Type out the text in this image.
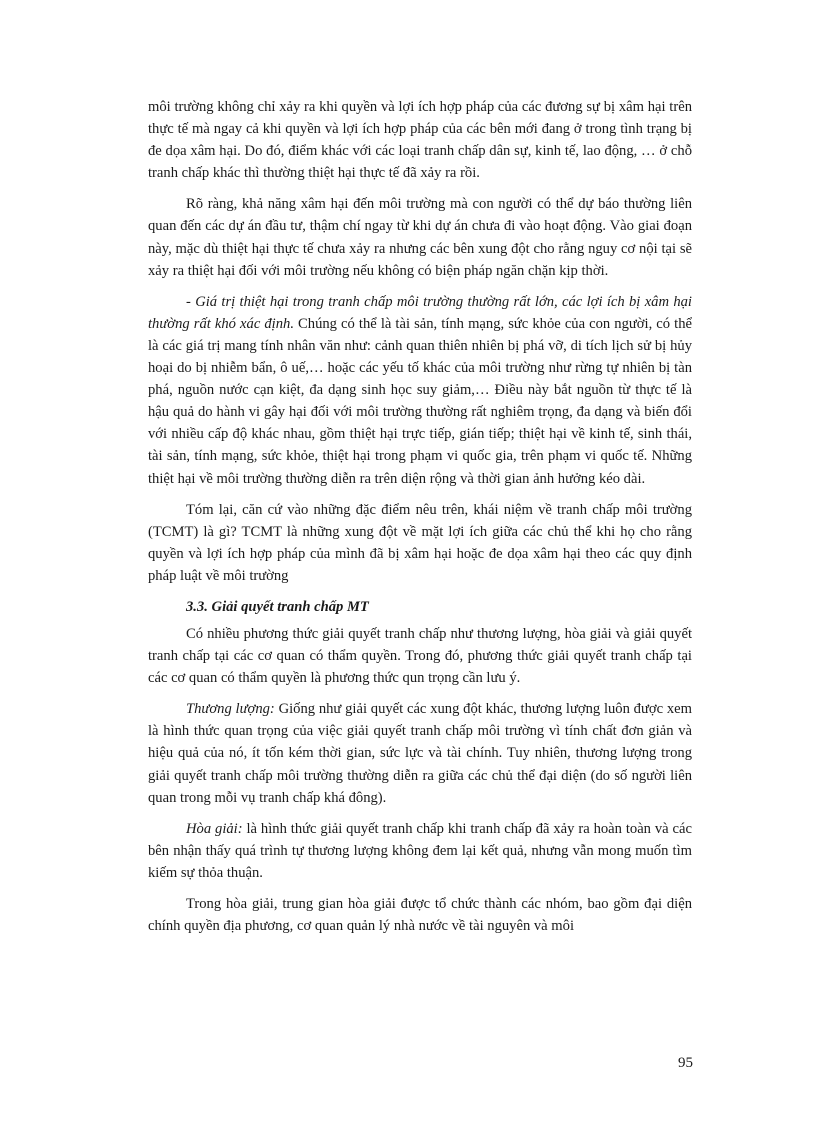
môi trường không chỉ xảy ra khi quyền và lợi ích hợp pháp của các đương sự bị xâm hại trên thực tế mà ngay cả khi quyền và lợi ích hợp pháp của các bên mới đang ở trong tình trạng bị đe dọa xâm hại. Do đó, điểm khác với các loại tranh chấp dân sự, kinh tế, lao động, … ở chỗ tranh chấp khác thì thường thiệt hại thực tế đã xảy ra rồi.

Rõ ràng, khả năng xâm hại đến môi trường mà con người có thể dự báo thường liên quan đến các dự án đầu tư, thậm chí ngay từ khi dự án chưa đi vào hoạt động. Vào giai đoạn này, mặc dù thiệt hại thực tế chưa xảy ra nhưng các bên xung đột cho rằng nguy cơ nội tại sẽ xảy ra thiệt hại đối với môi trường nếu không có biện pháp ngăn chặn kịp thời.

- Giá trị thiệt hại trong tranh chấp môi trường thường rất lớn, các lợi ích bị xâm hại thường rất khó xác định. Chúng có thể là tài sản, tính mạng, sức khỏe của con người, có thể là các giá trị mang tính nhân văn như: cảnh quan thiên nhiên bị phá vỡ, di tích lịch sử bị hủy hoại do bị nhiễm bẩn, ô uế,… hoặc các yếu tố khác của môi trường như rừng tự nhiên bị tàn phá, nguồn nước cạn kiệt, đa dạng sinh học suy giảm,… Điều này bắt nguồn từ thực tế là hậu quả do hành vi gây hại đối với môi trường thường rất nghiêm trọng, đa dạng và biến đổi với nhiều cấp độ khác nhau, gồm thiệt hại trực tiếp, gián tiếp; thiệt hại về kinh tế, sinh thái, tài sản, tính mạng, sức khỏe, thiệt hại trong phạm vi quốc gia, trên phạm vi quốc tế. Những thiệt hại về môi trường thường diễn ra trên diện rộng và thời gian ảnh hưởng kéo dài.

Tóm lại, căn cứ vào những đặc điểm nêu trên, khái niệm về tranh chấp môi trường (TCMT) là gì? TCMT là những xung đột về mặt lợi ích giữa các chủ thể khi họ cho rằng quyền và lợi ích hợp pháp của mình đã bị xâm hại hoặc đe dọa xâm hại theo các quy định pháp luật về môi trường

3.3. Giải quyết tranh chấp MT

Có nhiều phương thức giải quyết tranh chấp như thương lượng, hòa giải và giải quyết tranh chấp tại các cơ quan có thẩm quyền. Trong đó, phương thức giải quyết tranh chấp tại các cơ quan có thẩm quyền là phương thức qun trọng cần lưu ý.

Thương lượng: Giống như giải quyết các xung đột khác, thương lượng luôn được xem là hình thức quan trọng của việc giải quyết tranh chấp môi trường vì tính chất đơn giản và hiệu quả của nó, ít tốn kém thời gian, sức lực và tài chính. Tuy nhiên, thương lượng trong giải quyết tranh chấp môi trường thường diễn ra giữa các chủ thể đại diện (do số người liên quan trong mỗi vụ tranh chấp khá đông).

Hòa giải: là hình thức giải quyết tranh chấp khi tranh chấp đã xảy ra hoàn toàn và các bên nhận thấy quá trình tự thương lượng không đem lại kết quả, nhưng vẫn mong muốn tìm kiếm sự thỏa thuận.

Trong hòa giải, trung gian hòa giải được tổ chức thành các nhóm, bao gồm đại diện chính quyền địa phương, cơ quan quản lý nhà nước về tài nguyên và môi

95
